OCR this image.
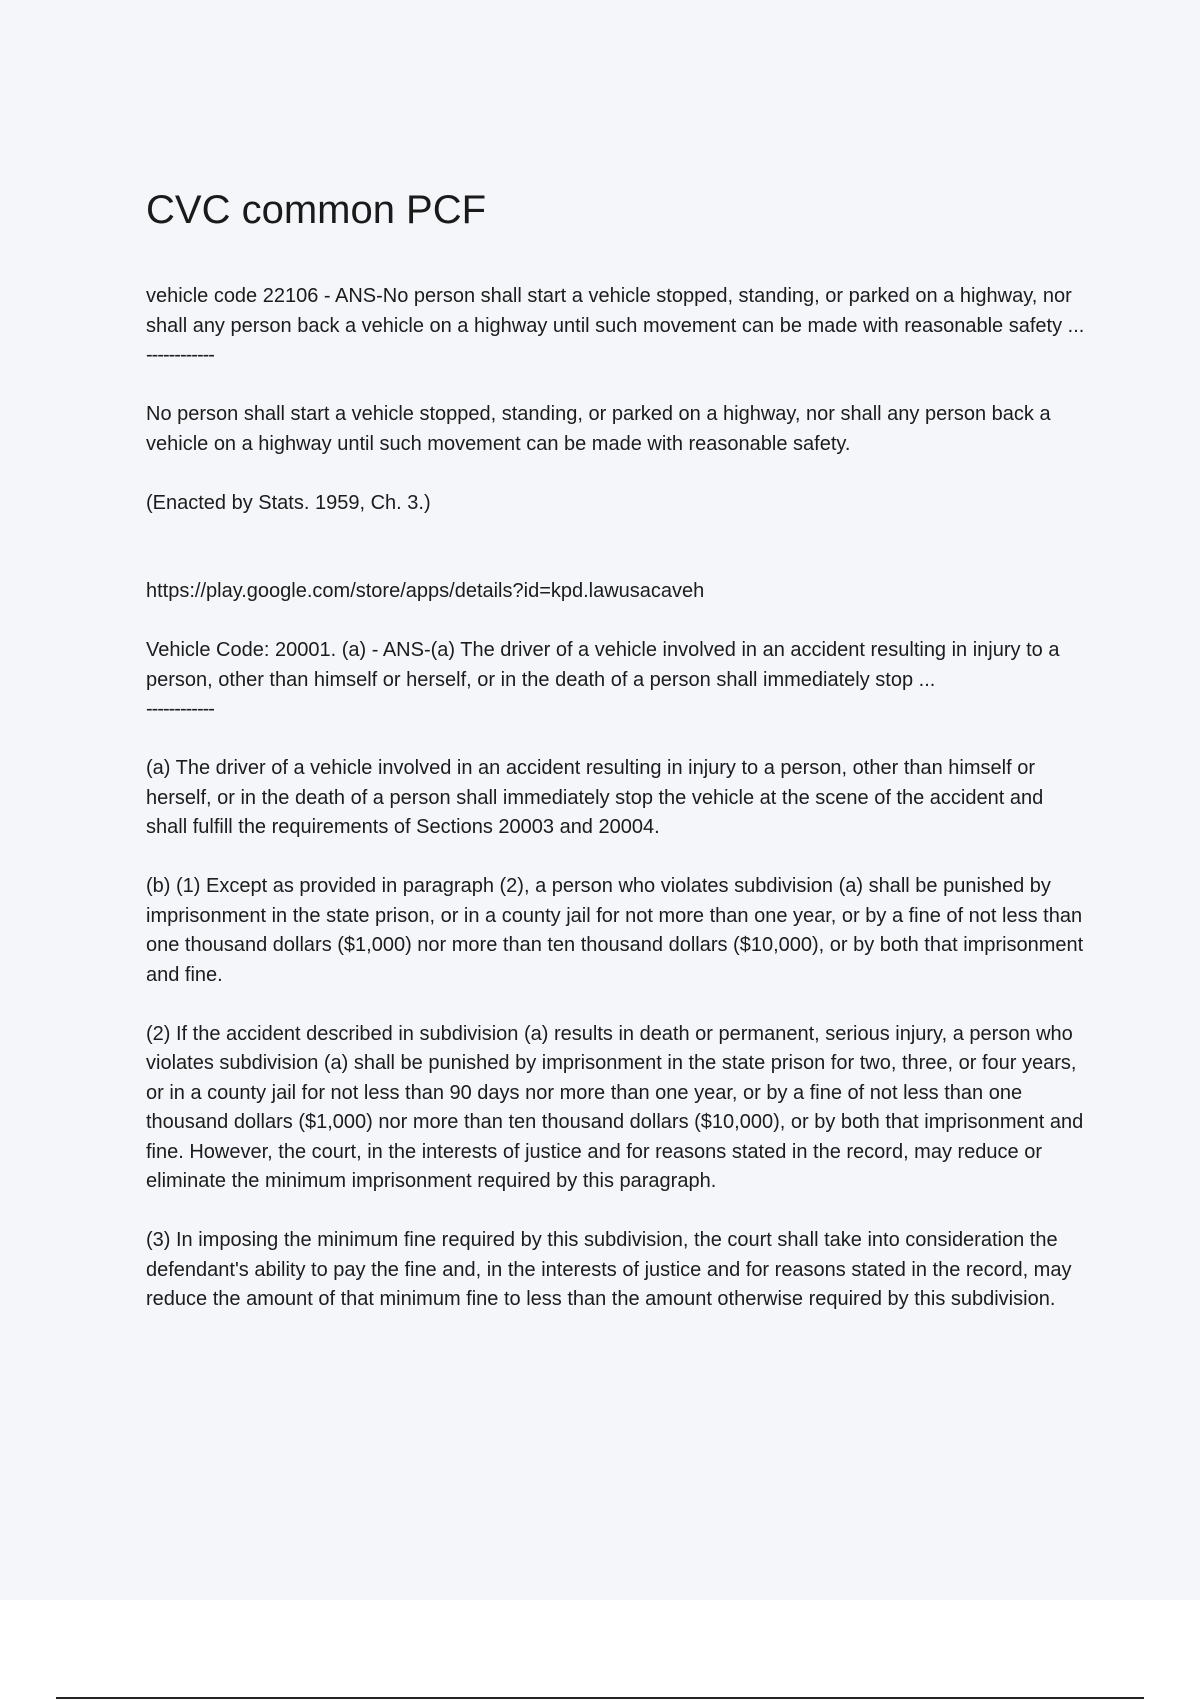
CVC common PCF

vehicle code 22106 - ANS-No person shall start a vehicle stopped, standing, or parked on a highway, nor shall any person back a vehicle on a highway until such movement can be made with reasonable safety ...

------------

No person shall start a vehicle stopped, standing, or parked on a highway, nor shall any person back a vehicle on a highway until such movement can be made with reasonable safety.

(Enacted by Stats. 1959, Ch. 3.)

https://play.google.com/store/apps/details?id=kpd.lawusacaveh

Vehicle Code: 20001. (a) - ANS-(a) The driver of a vehicle involved in an accident resulting in injury to a person, other than himself or herself, or in the death of a person shall immediately stop ...

------------

(a) The driver of a vehicle involved in an accident resulting in injury to a person, other than himself or herself, or in the death of a person shall immediately stop the vehicle at the scene of the accident and shall fulfill the requirements of Sections 20003 and 20004.

(b) (1) Except as provided in paragraph (2), a person who violates subdivision (a) shall be punished by imprisonment in the state prison, or in a county jail for not more than one year, or by a fine of not less than one thousand dollars ($1,000) nor more than ten thousand dollars ($10,000), or by both that imprisonment and fine.

(2) If the accident described in subdivision (a) results in death or permanent, serious injury, a person who violates subdivision (a) shall be punished by imprisonment in the state prison for two, three, or four years, or in a county jail for not less than 90 days nor more than one year, or by a fine of not less than one thousand dollars ($1,000) nor more than ten thousand dollars ($10,000), or by both that imprisonment and fine. However, the court, in the interests of justice and for reasons stated in the record, may reduce or eliminate the minimum imprisonment required by this paragraph.

(3) In imposing the minimum fine required by this subdivision, the court shall take into consideration the defendant's ability to pay the fine and, in the interests of justice and for reasons stated in the record, may reduce the amount of that minimum fine to less than the amount otherwise required by this subdivision.
